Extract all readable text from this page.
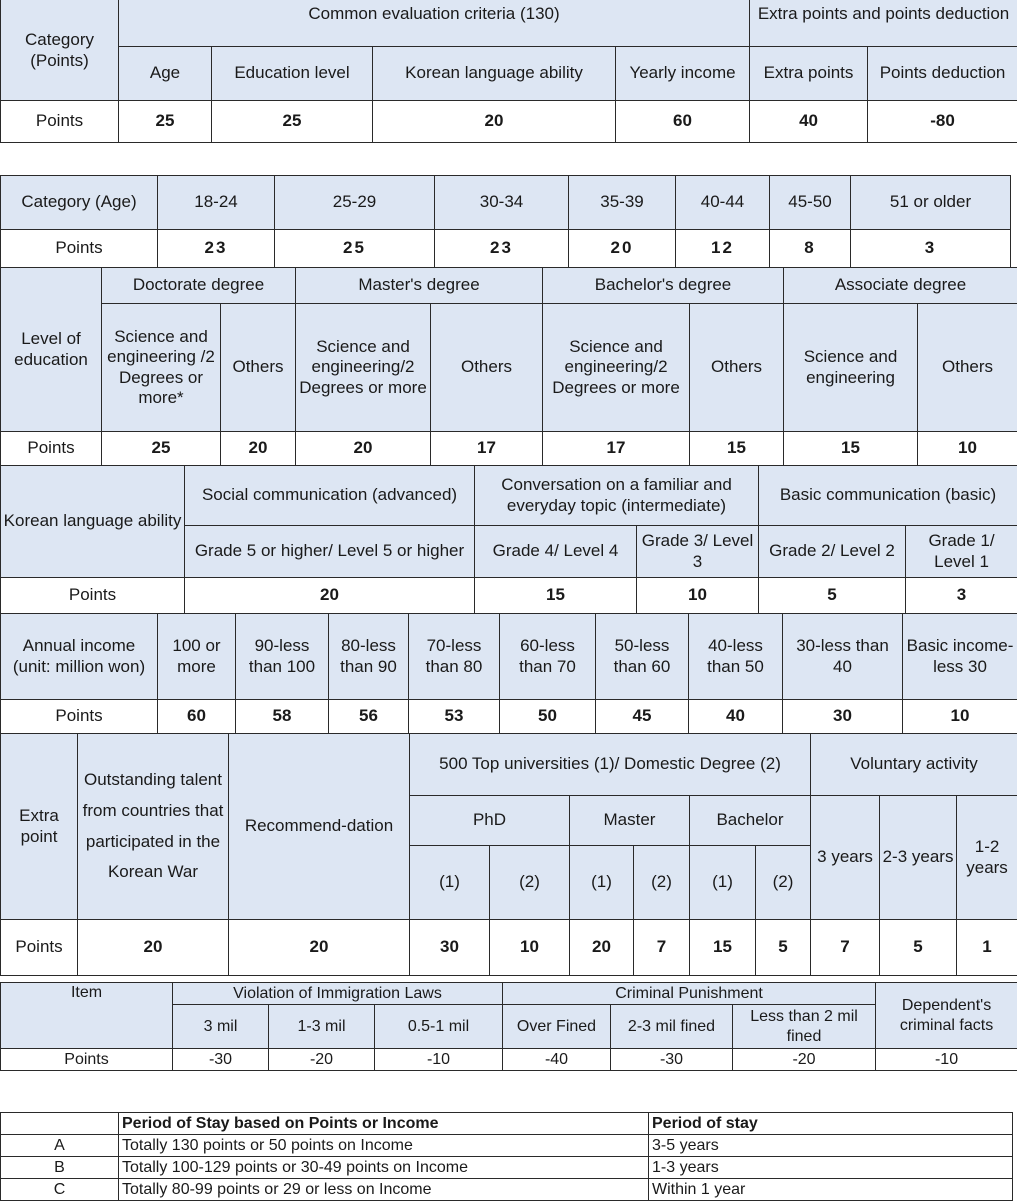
Category (Points)	Common evaluation criteria (130)				Extra points and points deduction	
	Age	Education level	Korean language ability	Yearly income	Extra points	Points deduction
Points	25	25	20	60	40	-80
Category (Age)	18-24	25-29	30-34	35-39	40-44	45-50	51 or older
Points	23	25	23	20	12	8	3
Level of education	Doctorate degree		Master's degree		Bachelor's degree		Associate degree	
	Science and engineering /2 Degrees or more*	Others	Science and engineering/2 Degrees or more	Others	Science and engineering/2 Degrees or more	Others	Science and engineering	Others
Points	25	20	20	17	17	15	15	10
Korean language ability	Social communication (advanced)	Conversation on a familiar and everyday topic (intermediate)		Basic communication (basic)	
	Grade 5 or higher/ Level 5 or higher	Grade 4/ Level 4	Grade 3/ Level 3	Grade 2/ Level 2	Grade 1/ Level 1
Points	20	15	10	5	3
Annual income (unit: million won)	100 or more	90-less than 100	80-less than 90	70-less than 80	60-less than 70	50-less than 60	40-less than 50	30-less than 40	Basic income-less 30
Points	60	58	56	53	50	45	40	30	10
Extra point	Outstanding talent from countries that participated in the Korean War	Recommend-dation	500 Top universities (1)/ Domestic Degree (2)						Voluntary activity		
			PhD		Master		Bachelor		3 years	2-3 years	1-2 years
			(1)	(2)	(1)	(2)	(1)	(2)			
Points	20	20	30	10	20	7	15	5	7	5	1
Item	Violation of Immigration Laws			Criminal Punishment			Dependent's criminal facts
	3 mil	1-3 mil	0.5-1 mil	Over Fined	2-3 mil fined	Less than 2 mil fined	
Points	-30	-20	-10	-40	-30	-20	-10
	Period of Stay based on Points or Income	Period of stay
A	Totally 130 points or 50 points on Income	3-5 years
B	Totally 100-129 points or 30-49 points on Income	1-3 years
C	Totally 80-99 points or 29 or less on Income	Within 1 year
